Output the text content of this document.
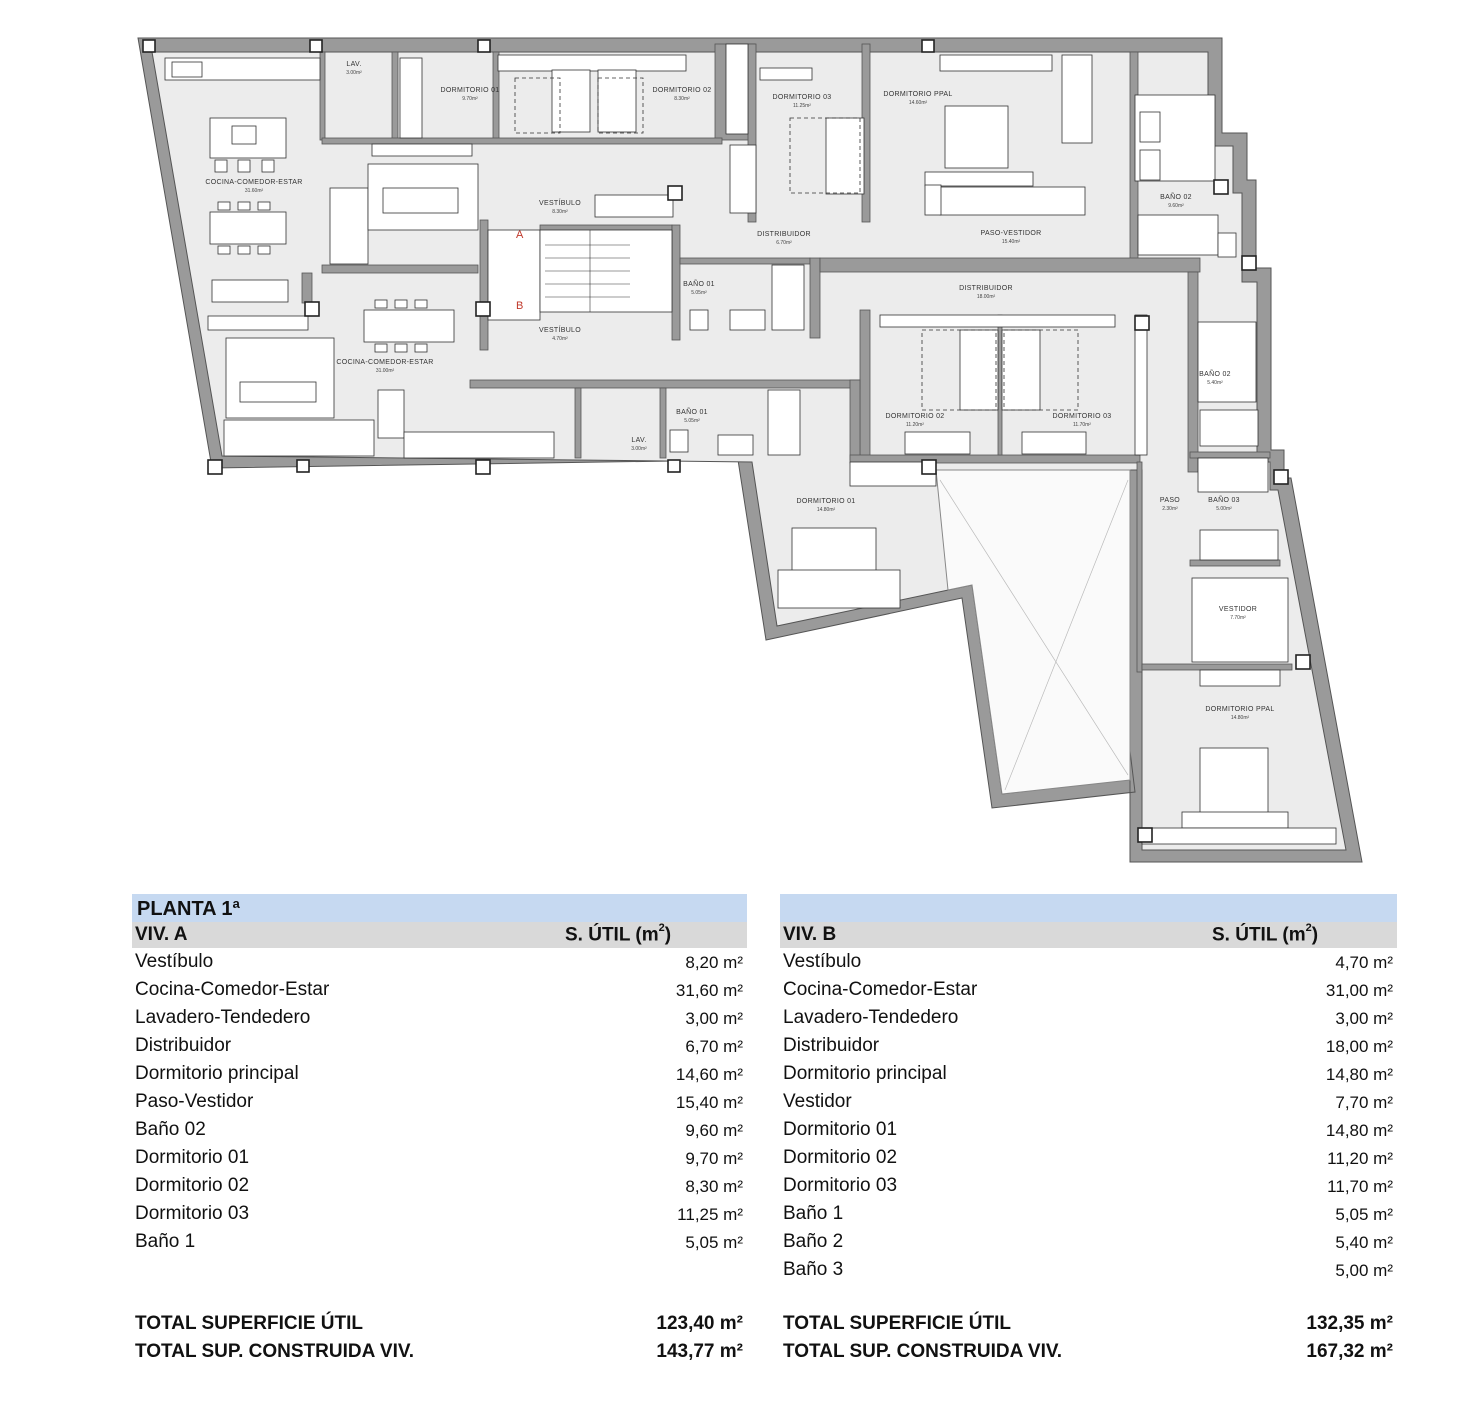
LAV.
3.00m²
DORMITORIO 01
9.70m²
DORMITORIO 02
8.30m²	DORMITORIO 03
11.25m²
DORMITORIO PPAL
14.60m²
COCINA-COMEDOR-ESTAR
31.60m²
VESTÍBULO
8.30m²
DISTRIBUIDOR
6.70m²
PASO-VESTIDOR
15.40m²
BAÑO 02
9.60m²
BAÑO 01
5.05m²
DISTRIBUIDOR
18.00m²
VESTÍBULO
4.70m²
COCINA-COMEDOR-ESTAR
31.00m²	BAÑO 02
5.40m²
DORMITORIO 02
11.20m²
DORMITORIO 03
11.70m²
BAÑO 01
5.05m²
LAV.
3.00m²
DORMITORIO 01
14.80m²
PASO
2.30m²
BAÑO 03
5.00m²
VESTIDOR
7.70m²
DORMITORIO PPAL
14.80m²
A
B
PLANTA 1ª
VIV. A	S. ÚTIL $(m^2)$
Vestíbulo	8,20 m²
Cocina-Comedor-Estar	31,60 m²
Lavadero-Tendedero	3,00 m²
Distribuidor	6,70 m²
Dormitorio principal	14,60 m²
Paso-Vestidor	15,40 m²
Baño 02	9,60 m²
Dormitorio 01	9,70 m²
Dormitorio 02	8,30 m²
Dormitorio 03	11,25 m²
Baño 1	5,05 m²
TOTAL SUPERFICIE ÚTIL	123,40 m²
TOTAL SUP. CONSTRUIDA VIV.	143,77 m²
VIV. B	S. ÚTIL $(m^2)$
Vestíbulo	4,70 m²
Cocina-Comedor-Estar	31,00 m²
Lavadero-Tendedero	3,00 m²
Distribuidor	18,00 m²
Dormitorio principal	14,80 m²
Vestidor	7,70 m²
Dormitorio 01	14,80 m²
Dormitorio 02	11,20 m²
Dormitorio 03	11,70 m²
Baño 1	5,05 m²
Baño 2	5,40 m²
Baño 3	5,00 m²
TOTAL SUPERFICIE ÚTIL	132,35 m²
TOTAL SUP. CONSTRUIDA VIV.	167,32 m²
